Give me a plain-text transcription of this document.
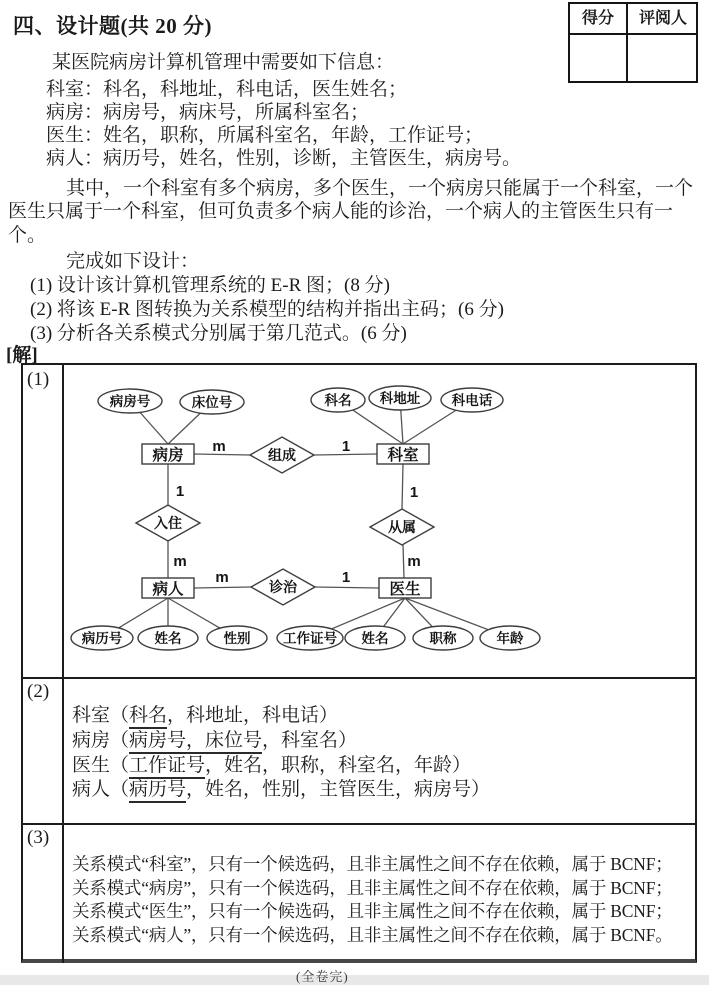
四、设计题(共 20 分)	得分	评阅人
某医院病房计算机管理中需要如下信息：
科室：科名，科地址，科电话，医生姓名；
病房：病房号，病床号，所属科室名；
医生：姓名，职称，所属科室名，年龄，工作证号；
病人：病历号，姓名，性别，诊断，主管医生，病房号。
其中，一个科室有多个病房，多个医生，一个病房只能属于一个科室，一个
医生只属于一个科室，但可负责多个病人能的诊治，一个病人的主管医生只有一
个。
完成如下设计：
(1) 设计该计算机管理系统的 E-R 图；(8 分)
(2) 将该 E-R 图转换为关系模型的结构并指出主码；(6 分)
(3) 分析各关系模式分别属于第几范式。(6 分)
[解]
(1)
(2)
(3)
病房	科室
病人	医生
组成
入住	从属
诊治
病房号	床位号	科名 科地址 科电话
病历号 姓名	性别 工作证号 姓名	职称	年龄
m	1
1	1
m	m
m	1
科室（科名，科地址，科电话）
病房（病房号，床位号，科室名）
医生（工作证号，姓名，职称，科室名，年龄）
病人（病历号，姓名，性别，主管医生，病房号）
关系模式“科室”，只有一个候选码，且非主属性之间不存在依赖，属于 BCNF；
关系模式“病房”，只有一个候选码，且非主属性之间不存在依赖，属于 BCNF；
关系模式“医生”，只有一个候选码，且非主属性之间不存在依赖，属于 BCNF；
关系模式“病人”，只有一个候选码，且非主属性之间不存在依赖，属于 BCNF。
(全卷完)
